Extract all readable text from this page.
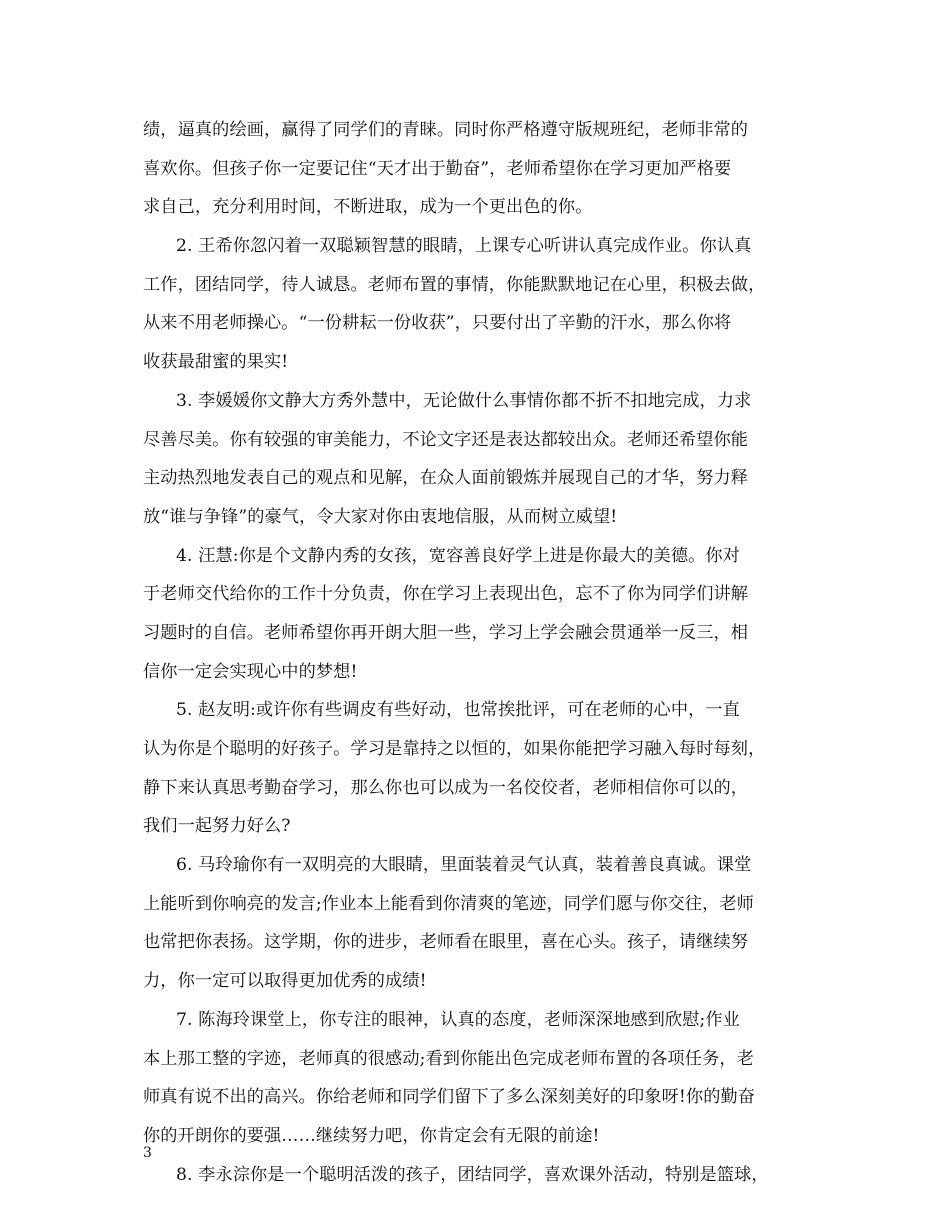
绩，逼真的绘画，赢得了同学们的青睐。同时你严格遵守版规班纪，老师非常的
喜欢你。但孩子你一定要记住“天才出于勤奋”，老师希望你在学习更加严格要
求自己，充分利用时间，不断进取，成为一个更出色的你。
2. 王希你忽闪着一双聪颖智慧的眼睛，上课专心听讲认真完成作业。你认真
工作，团结同学，待人诚恳。老师布置的事情，你能默默地记在心里，积极去做，
从来不用老师操心。“一份耕耘一份收获”，只要付出了辛勤的汗水，那么你将
收获最甜蜜的果实!
3. 李媛媛你文静大方秀外慧中，无论做什么事情你都不折不扣地完成，力求
尽善尽美。你有较强的审美能力，不论文字还是表达都较出众。老师还希望你能
主动热烈地发表自己的观点和见解，在众人面前锻炼并展现自己的才华，努力释
放“谁与争锋”的豪气，令大家对你由衷地信服，从而树立威望!
4. 汪慧:你是个文静内秀的女孩，宽容善良好学上进是你最大的美德。你对
于老师交代给你的工作十分负责，你在学习上表现出色，忘不了你为同学们讲解
习题时的自信。老师希望你再开朗大胆一些，学习上学会融会贯通举一反三，相
信你一定会实现心中的梦想!
5. 赵友明:或许你有些调皮有些好动，也常挨批评，可在老师的心中，一直
认为你是个聪明的好孩子。学习是靠持之以恒的，如果你能把学习融入每时每刻，
静下来认真思考勤奋学习，那么你也可以成为一名佼佼者，老师相信你可以的，
我们一起努力好么?
6. 马玲瑜你有一双明亮的大眼睛，里面装着灵气认真，装着善良真诚。课堂
上能听到你响亮的发言;作业本上能看到你清爽的笔迹，同学们愿与你交往，老师
也常把你表扬。这学期，你的进步，老师看在眼里，喜在心头。孩子，请继续努
力，你一定可以取得更加优秀的成绩!
7. 陈海玲课堂上，你专注的眼神，认真的态度，老师深深地感到欣慰;作业
本上那工整的字迹，老师真的很感动;看到你能出色完成老师布置的各项任务，老
师真有说不出的高兴。你给老师和同学们留下了多么深刻美好的印象呀!你的勤奋
你的开朗你的要强……继续努力吧，你肯定会有无限的前途!
8. 李永淙你是一个聪明活泼的孩子，团结同学，喜欢课外活动，特别是篮球，
3
